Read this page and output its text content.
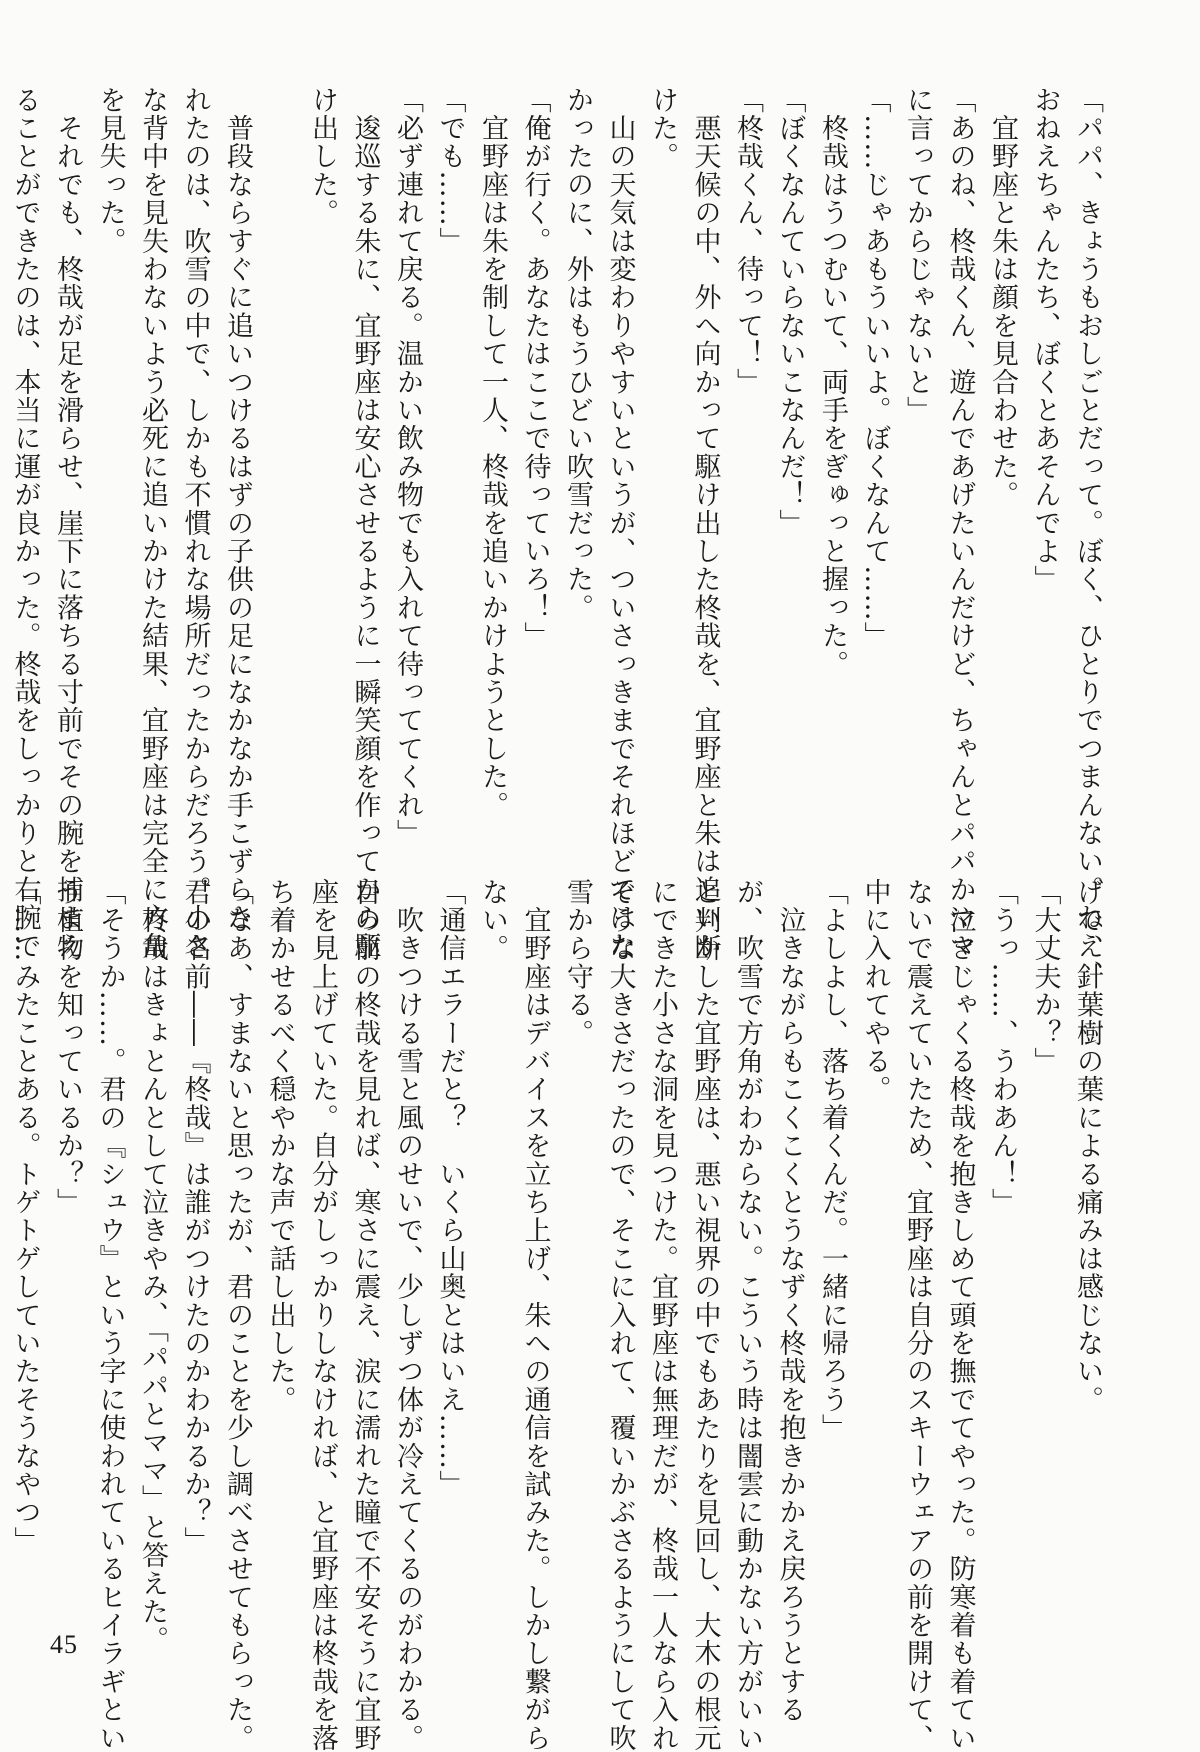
「パパ、きょうもおしごとだって。ぼく、ひとりでつまんない。ねえ、
おねえちゃんたち、ぼくとあそんでよ」
　宜野座と朱は顔を見合わせた。
「あのね、柊哉くん、遊んであげたいんだけど、ちゃんとパパかママ
に言ってからじゃないと」
「……じゃあもういいよ。ぼくなんて……」
　柊哉はうつむいて、両手をぎゅっと握った。
「ぼくなんていらないこなんだ！」
「柊哉くん、待って！」
　悪天候の中、外へ向かって駆け出した柊哉を、宜野座と朱は追いか
けた。
　山の天気は変わりやすいというが、ついさっきまでそれほどではな
かったのに、外はもうひどい吹雪だった。
「俺が行く。あなたはここで待っていろ！」
　宜野座は朱を制して一人、柊哉を追いかけようとした。
「でも……」
「必ず連れて戻る。温かい飲み物でも入れて待っててくれ」
　逡巡する朱に、宜野座は安心させるように一瞬笑顔を作ってから駆
け出した。

　普段ならすぐに追いつけるはずの子供の足になかなか手こずらさ
れたのは、吹雪の中で、しかも不慣れな場所だったからだろう。小さ
な背中を見失わないよう必死に追いかけた結果、宜野座は完全に方角
を見失った。
　それでも、柊哉が足を滑らせ、崖下に落ちる寸前でその腕を捕まえ
ることができたのは、本当に運が良かった。柊哉をしっかりと右腕で
げで、針葉樹の葉による痛みは感じない。
「大丈夫か？」
「うっ……、うわあん！」
　泣きじゃくる柊哉を抱きしめて頭を撫でてやった。防寒着も着てい
ないで震えていたため、宜野座は自分のスキーウェアの前を開けて、
中に入れてやる。
「よしよし、落ち着くんだ。一緒に帰ろう」
　泣きながらもこくこくとうなずく柊哉を抱きかかえ戻ろうとする
が、吹雪で方角がわからない。こういう時は闇雲に動かない方がいい
と判断した宜野座は、悪い視界の中でもあたりを見回し、大木の根元
にできた小さな洞を見つけた。宜野座は無理だが、柊哉一人なら入れ
そうな大きさだったので、そこに入れて、覆いかぶさるようにして吹
雪から守る。
　宜野座はデバイスを立ち上げ、朱への通信を試みた。しかし繋がら
ない。
「通信エラーだと？　いくら山奥とはいえ……」
　吹きつける雪と風のせいで、少しずつ体が冷えてくるのがわかる。
目の前の柊哉を見れば、寒さに震え、涙に濡れた瞳で不安そうに宜野
座を見上げていた。自分がしっかりしなければ、と宜野座は柊哉を落
ち着かせるべく穏やかな声で話し出した。
「なあ、すまないと思ったが、君のことを少し調べさせてもらった。
君の名前――『柊哉』は誰がつけたのかわかるか？」
　柊哉はきょとんとして泣きやみ、「パパとママ」と答えた。
「そうか……。君の『シュウ』という字に使われているヒイラギとい
う植物を知っているか？」
「……みたことある。トゲトゲしていたそうなやつ」
45
